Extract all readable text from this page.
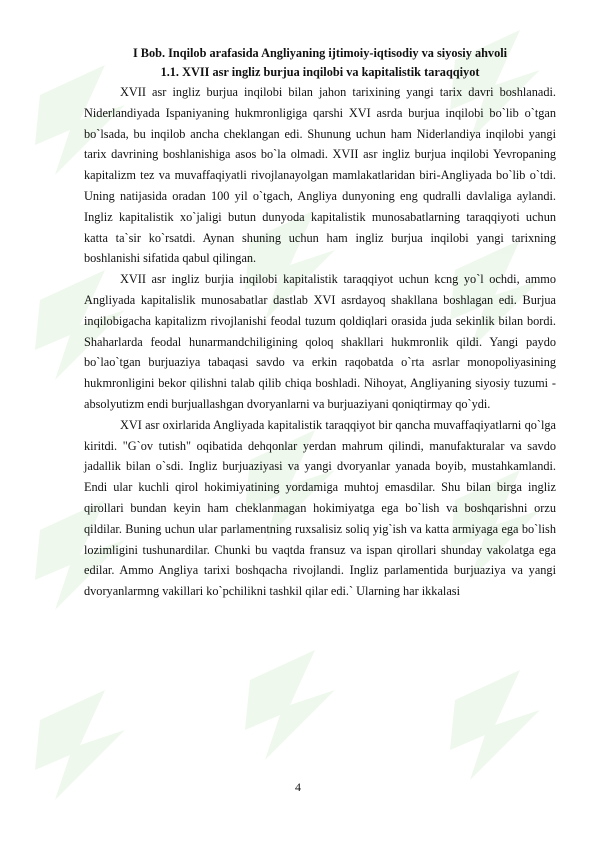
I Bob. Inqilob arafasida Angliyaning ijtimoiy-iqtisodiy va siyosiy ahvoli

1.1. XVII asr ingliz burjua inqilobi va kapitalistik taraqqiyot

XVII asr ingliz burjua inqilobi bilan jahon tarixining yangi tarix davri boshlanadi. Niderlandiyada Ispaniyaning hukmronligiga qarshi XVI asrda burjua inqilobi bo`lib o`tgan bo`lsada, bu inqilob ancha cheklangan edi. Shunung uchun ham Niderlandiya inqilobi yangi tarix davrining boshlanishiga asos bo`la olmadi. XVII asr ingliz burjua inqilobi Yevropaning kapitalizm tez va muvaffaqiyatli rivojlanayolgan mamlakatlaridan biri-Angliyada bo`lib o`tdi. Uning natijasida oradan 100 yil o`tgach, Angliya dunyoning eng qudralli davlaliga aylandi. Ingliz kapitalistik xo`jaligi butun dunyoda kapitalistik munosabatlarning taraqqiyoti uchun katta ta`sir ko`rsatdi. Aynan shuning uchun ham ingliz burjua inqilobi yangi tarixning boshlanishi sifatida qabul qilingan.

XVII asr ingliz burjia inqilobi kapitalistik taraqqiyot uchun kcng yo`l ochdi, ammo Angliyada kapitalislik munosabatlar dastlab XVI asrdayoq shakllana boshlagan edi. Burjua inqilobigacha kapitalizm rivojlanishi feodal tuzum qoldiqlari orasida juda sekinlik bilan bordi. Shaharlarda feodal hunarmandchiligining qoloq shakllari hukmronlik qildi. Yangi paydo bo`lao`tgan burjuaziya tabaqasi savdo va erkin raqobatda o`rta asrlar monopoliyasining hukmronligini bekor qilishni talab qilib chiqa boshladi. Nihoyat, Angliyaning siyosiy tuzumi - absolyutizm endi burjuallashgan dvoryanlarni va burjuaziyani qoniqtirmay qo`ydi.

XVI asr oxirlarida Angliyada kapitalistik taraqqiyot bir qancha muvaffaqiyatlarni qo`lga kiritdi. "G`ov tutish" oqibatida dehqonlar yerdan mahrum qilindi, manufakturalar va savdo jadallik bilan o`sdi. Ingliz burjuaziyasi va yangi dvoryanlar yanada boyib, mustahkamlandi. Endi ular kuchli qirol hokimiyatining yordamiga muhtoj emasdilar. Shu bilan birga ingliz qirollari bundan keyin ham cheklanmagan hokimiyatga ega bo`lish va boshqarishni orzu qildilar. Buning uchun ular parlamentning ruxsalisiz soliq yig`ish va katta armiyaga ega bo`lish lozimligini tushunardilar. Chunki bu vaqtda fransuz va ispan qirollari shunday vakolatga ega edilar. Ammo Angliya tarixi boshqacha rivojlandi. Ingliz parlamentida burjuaziya va yangi dvoryanlarmng vakillari ko`pchilikni tashkil qilar edi.` Ularning har ikkalasi

4
